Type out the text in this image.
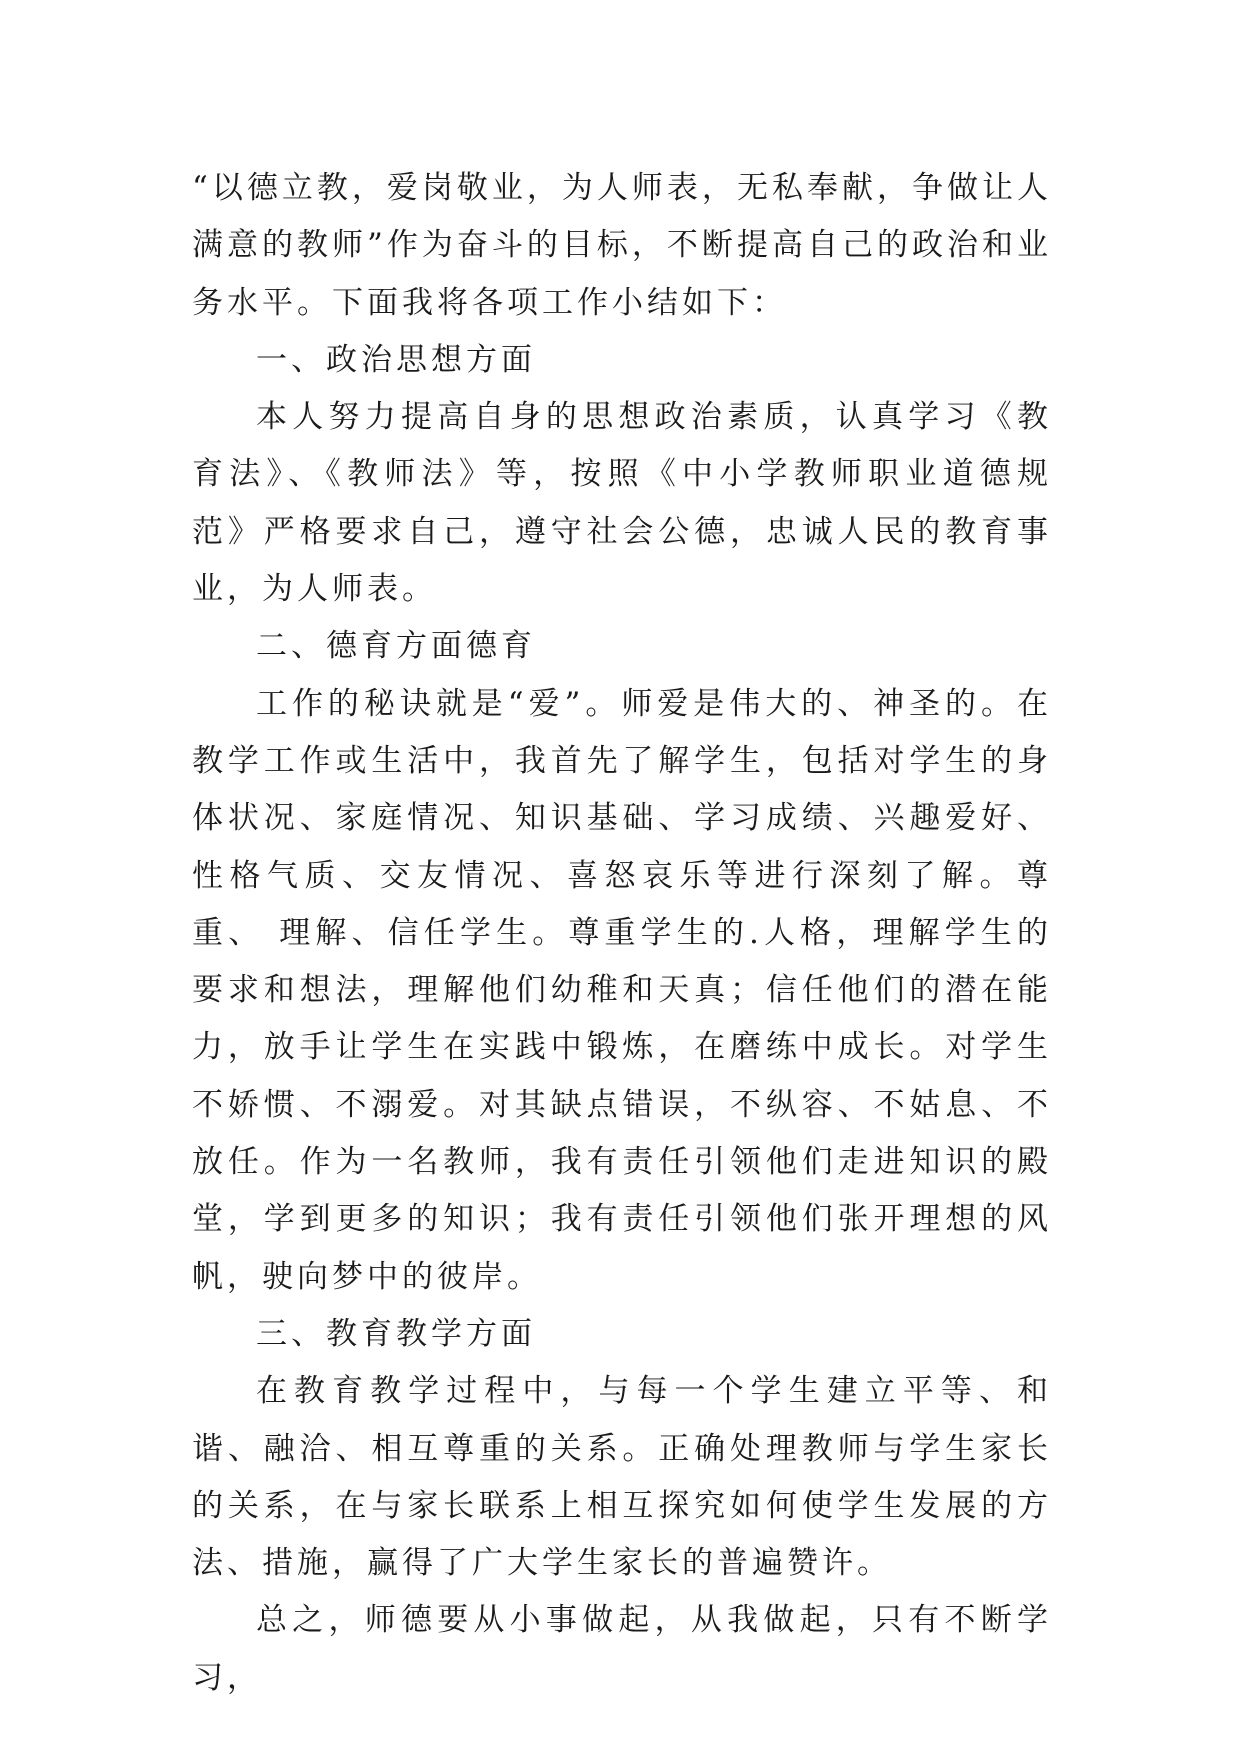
“以德立教，爱岗敬业，为人师表，无私奉献，争做让人满意的教师”作为奋斗的目标，不断提高自己的政治和业务水平。下面我将各项工作小结如下：

一、政治思想方面

本人努力提高自身的思想政治素质，认真学习《教育法》、《教师法》等，按照《中小学教师职业道德规范》严格要求自己，遵守社会公德，忠诚人民的教育事业，为人师表。

二、德育方面德育

工作的秘诀就是“爱”。师爱是伟大的、神圣的。在教学工作或生活中，我首先了解学生，包括对学生的身体状况、家庭情况、知识基础、学习成绩、兴趣爱好、性格气质、交友情况、喜怒哀乐等进行深刻了解。尊重、 理解、信任学生。尊重学生的.人格，理解学生的要求和想法，理解他们幼稚和天真；信任他们的潜在能力，放手让学生在实践中锻炼，在磨练中成长。对学生不娇惯、不溺爱。对其缺点错误，不纵容、不姑息、不放任。作为一名教师，我有责任引领他们走进知识的殿堂，学到更多的知识；我有责任引领他们张开理想的风帆，驶向梦中的彼岸。

三、教育教学方面

在教育教学过程中，与每一个学生建立平等、和谐、融洽、相互尊重的关系。正确处理教师与学生家长的关系，在与家长联系上相互探究如何使学生发展的方法、措施，赢得了广大学生家长的普遍赞许。

总之，师德要从小事做起，从我做起，只有不断学习，
